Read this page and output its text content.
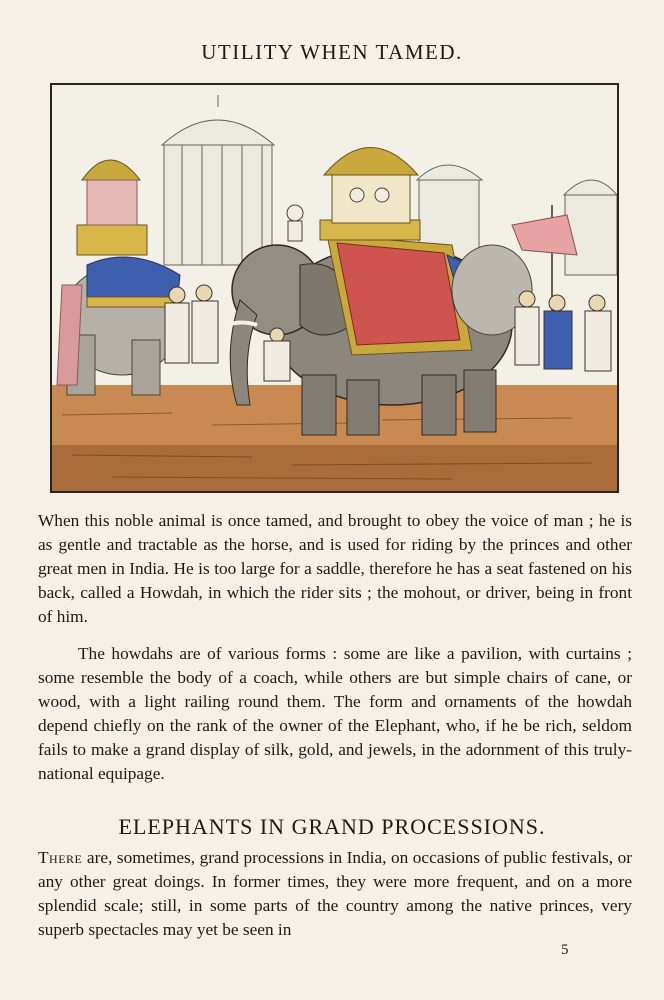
UTILITY WHEN TAMED.
When this noble animal is once tamed, and brought to obey the voice of man ; he is as gentle and tractable as the horse, and is used for riding by the princes and other great men in India. He is too large for a saddle, therefore he has a seat fastened on his back, called a Howdah, in which the rider sits ; the mohout, or driver, being in front of him.
The howdahs are of various forms : some are like a pavilion, with curtains ; some resemble the body of a coach, while others are but simple chairs of cane, or wood, with a light railing round them. The form and ornaments of the howdah depend chiefly on the rank of the owner of the Elephant, who, if he be rich, seldom fails to make a grand display of silk, gold, and jewels, in the adornment of this truly-national equipage.
ELEPHANTS IN GRAND PROCESSIONS.
There are, sometimes, grand processions in India, on occasions of public festivals, or any other great doings. In former times, they were more frequent, and on a more splendid scale; still, in some parts of the country among the native princes, very superb spectacles may yet be seen in
5
